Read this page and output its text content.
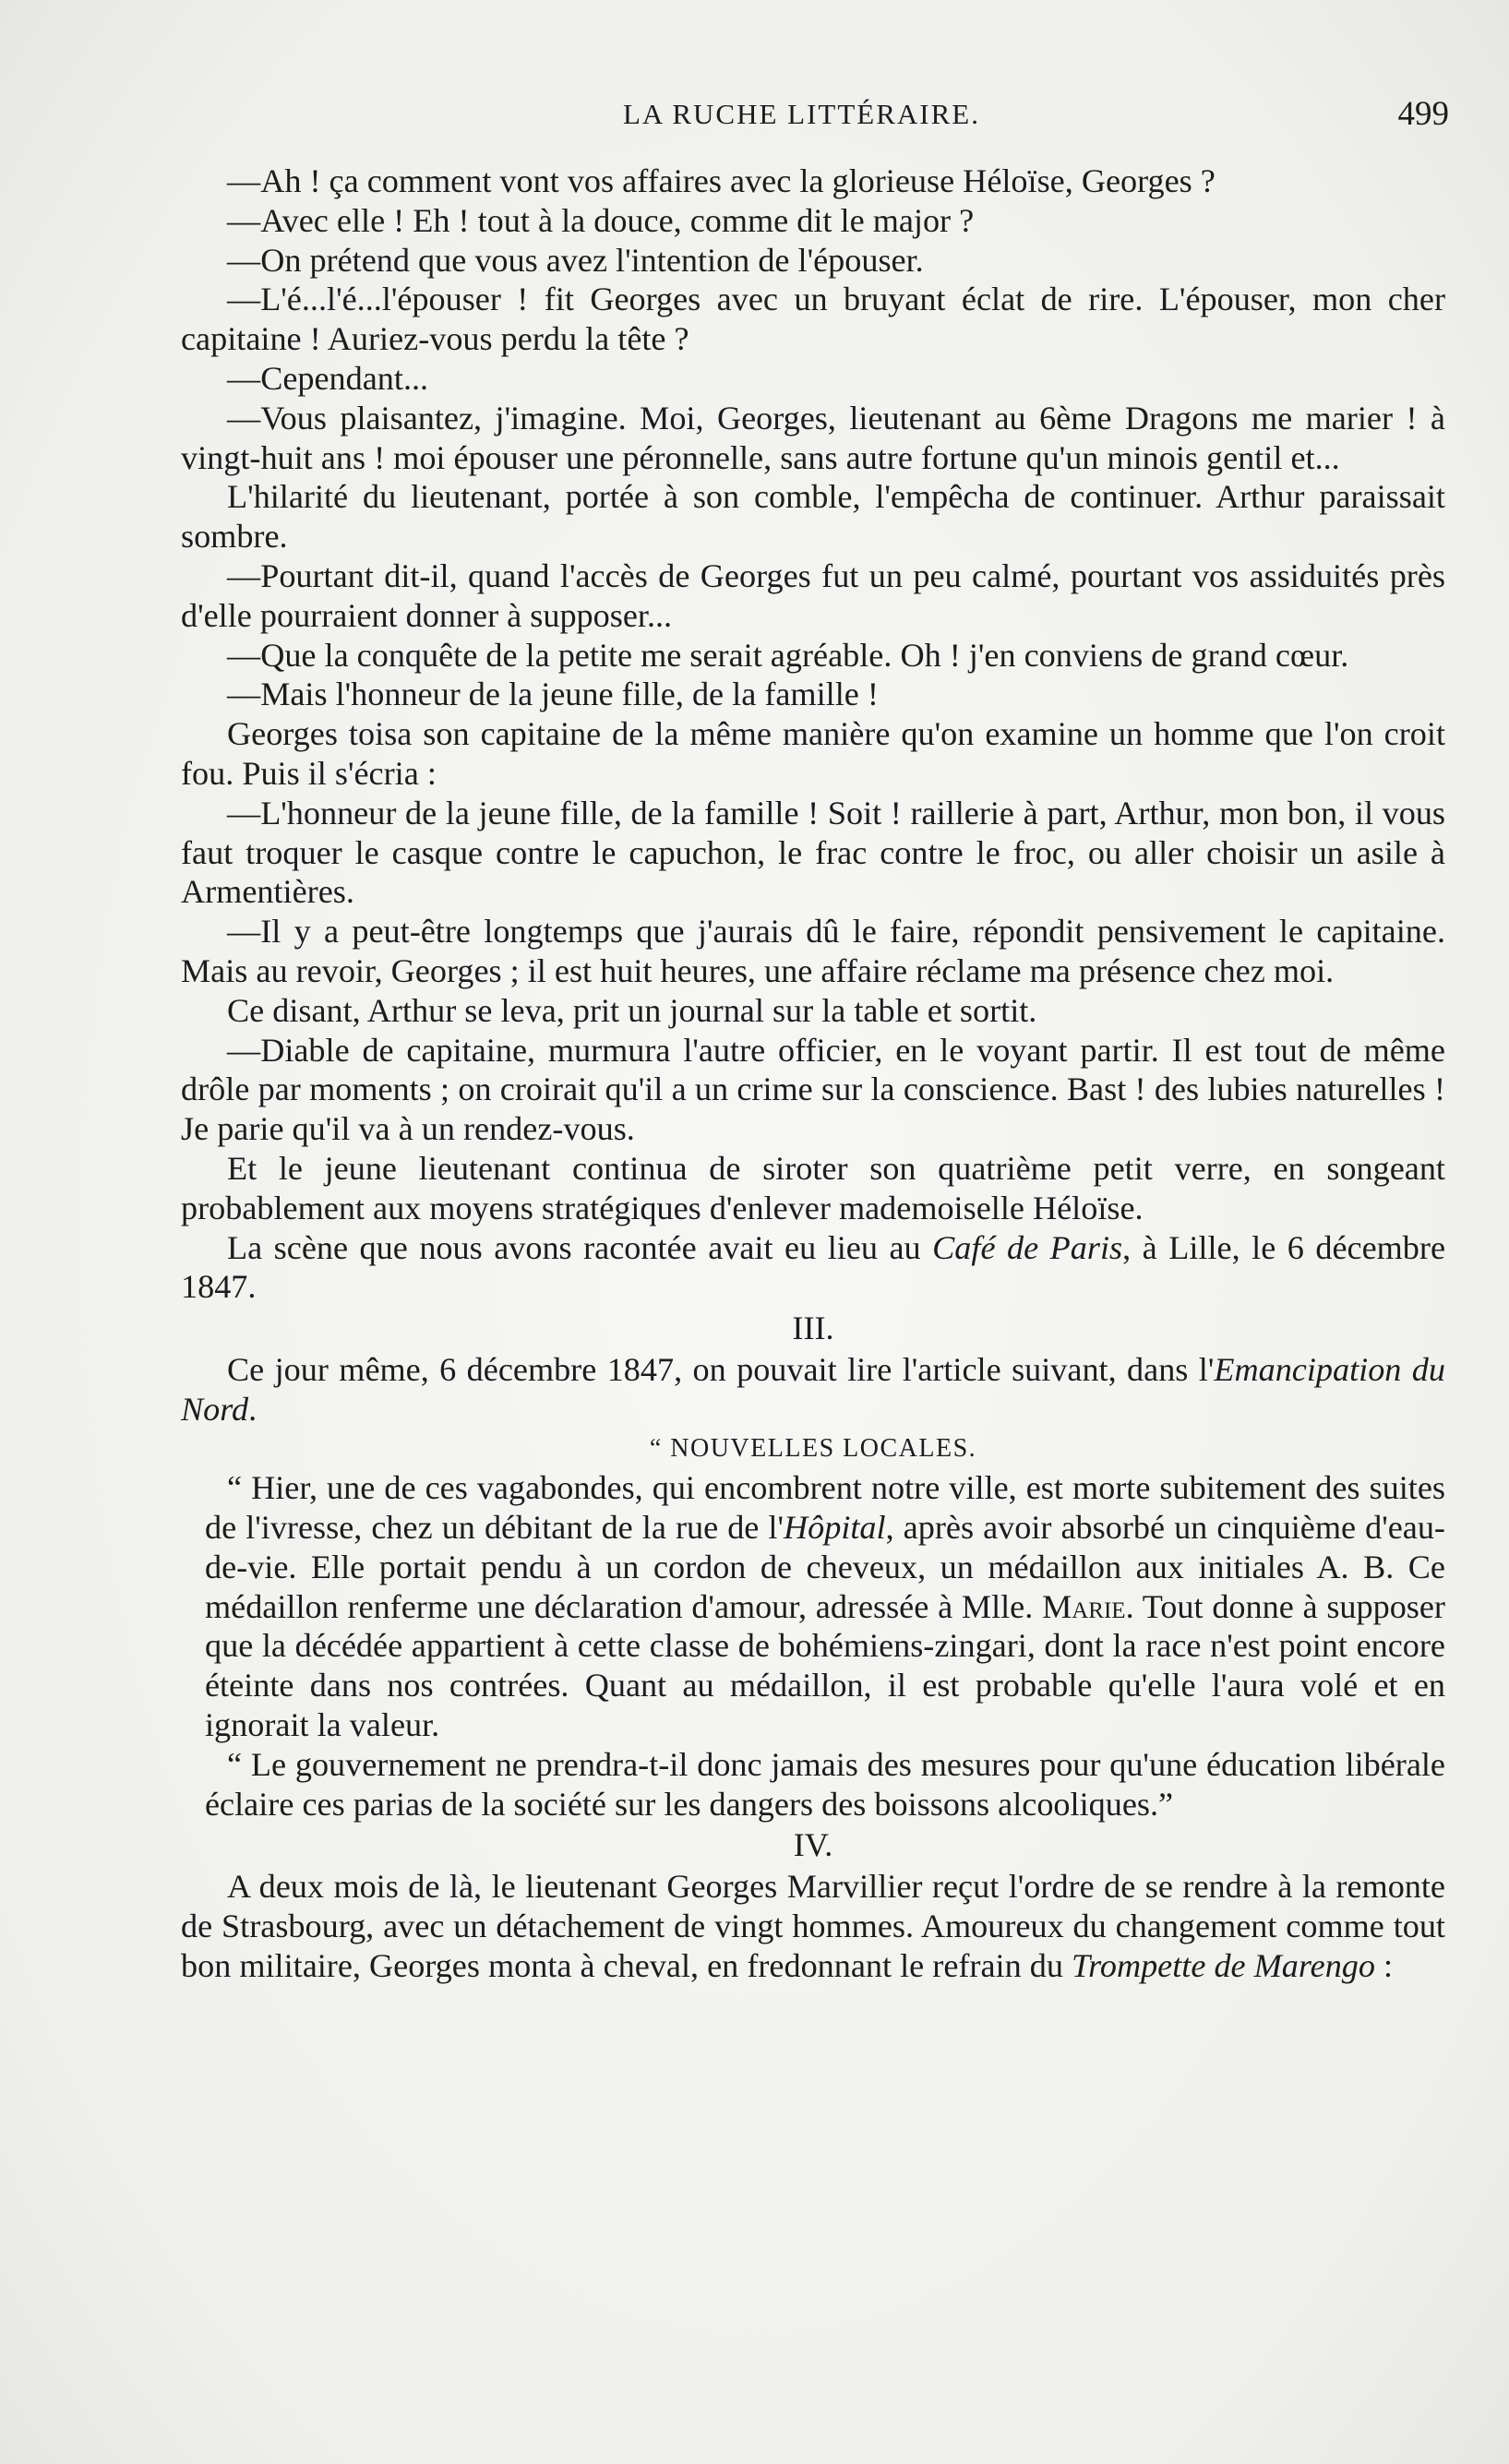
LA RUCHE LITTÉRAIRE.	499

—Ah ! ça comment vont vos affaires avec la glorieuse Héloïse, Georges ?

—Avec elle ! Eh ! tout à la douce, comme dit le major ?

—On prétend que vous avez l'intention de l'épouser.

—L'é...l'é...l'épouser ! fit Georges avec un bruyant éclat de rire. L'épouser, mon cher capitaine ! Auriez-vous perdu la tête ?

—Cependant...

—Vous plaisantez, j'imagine. Moi, Georges, lieutenant au 6ème Dragons me marier ! à vingt-huit ans ! moi épouser une péronnelle, sans autre fortune qu'un minois gentil et...

L'hilarité du lieutenant, portée à son comble, l'empêcha de continuer. Arthur paraissait sombre.

—Pourtant dit-il, quand l'accès de Georges fut un peu calmé, pourtant vos assiduités près d'elle pourraient donner à supposer...

—Que la conquête de la petite me serait agréable. Oh ! j'en conviens de grand cœur.

—Mais l'honneur de la jeune fille, de la famille !

Georges toisa son capitaine de la même manière qu'on examine un homme que l'on croit fou. Puis il s'écria :

—L'honneur de la jeune fille, de la famille ! Soit ! raillerie à part, Arthur, mon bon, il vous faut troquer le casque contre le capuchon, le frac contre le froc, ou aller choisir un asile à Armentières.

—Il y a peut-être longtemps que j'aurais dû le faire, répondit pensivement le capitaine. Mais au revoir, Georges ; il est huit heures, une affaire réclame ma présence chez moi.

Ce disant, Arthur se leva, prit un journal sur la table et sortit.

—Diable de capitaine, murmura l'autre officier, en le voyant partir. Il est tout de même drôle par moments ; on croirait qu'il a un crime sur la conscience. Bast ! des lubies naturelles ! Je parie qu'il va à un rendez-vous.

Et le jeune lieutenant continua de siroter son quatrième petit verre, en songeant probablement aux moyens stratégiques d'enlever mademoiselle Héloïse.

La scène que nous avons racontée avait eu lieu au Café de Paris, à Lille, le 6 décembre 1847.

III.

Ce jour même, 6 décembre 1847, on pouvait lire l'article suivant, dans l'Emancipation du Nord.

“ NOUVELLES LOCALES.

“ Hier, une de ces vagabondes, qui encombrent notre ville, est morte subitement des suites de l'ivresse, chez un débitant de la rue de l'Hôpital, après avoir absorbé un cinquième d'eau-de-vie. Elle portait pendu à un cordon de cheveux, un médaillon aux initiales A. B. Ce médaillon renferme une déclaration d'amour, adressée à Mlle. Marie. Tout donne à supposer que la décédée appartient à cette classe de bohémiens-zingari, dont la race n'est point encore éteinte dans nos contrées. Quant au médaillon, il est probable qu'elle l'aura volé et en ignorait la valeur.

“ Le gouvernement ne prendra-t-il donc jamais des mesures pour qu'une éducation libérale éclaire ces parias de la société sur les dangers des boissons alcooliques.”

IV.

A deux mois de là, le lieutenant Georges Marvillier reçut l'ordre de se rendre à la remonte de Strasbourg, avec un détachement de vingt hommes. Amoureux du changement comme tout bon militaire, Georges monta à cheval, en fredonnant le refrain du Trompette de Marengo :
